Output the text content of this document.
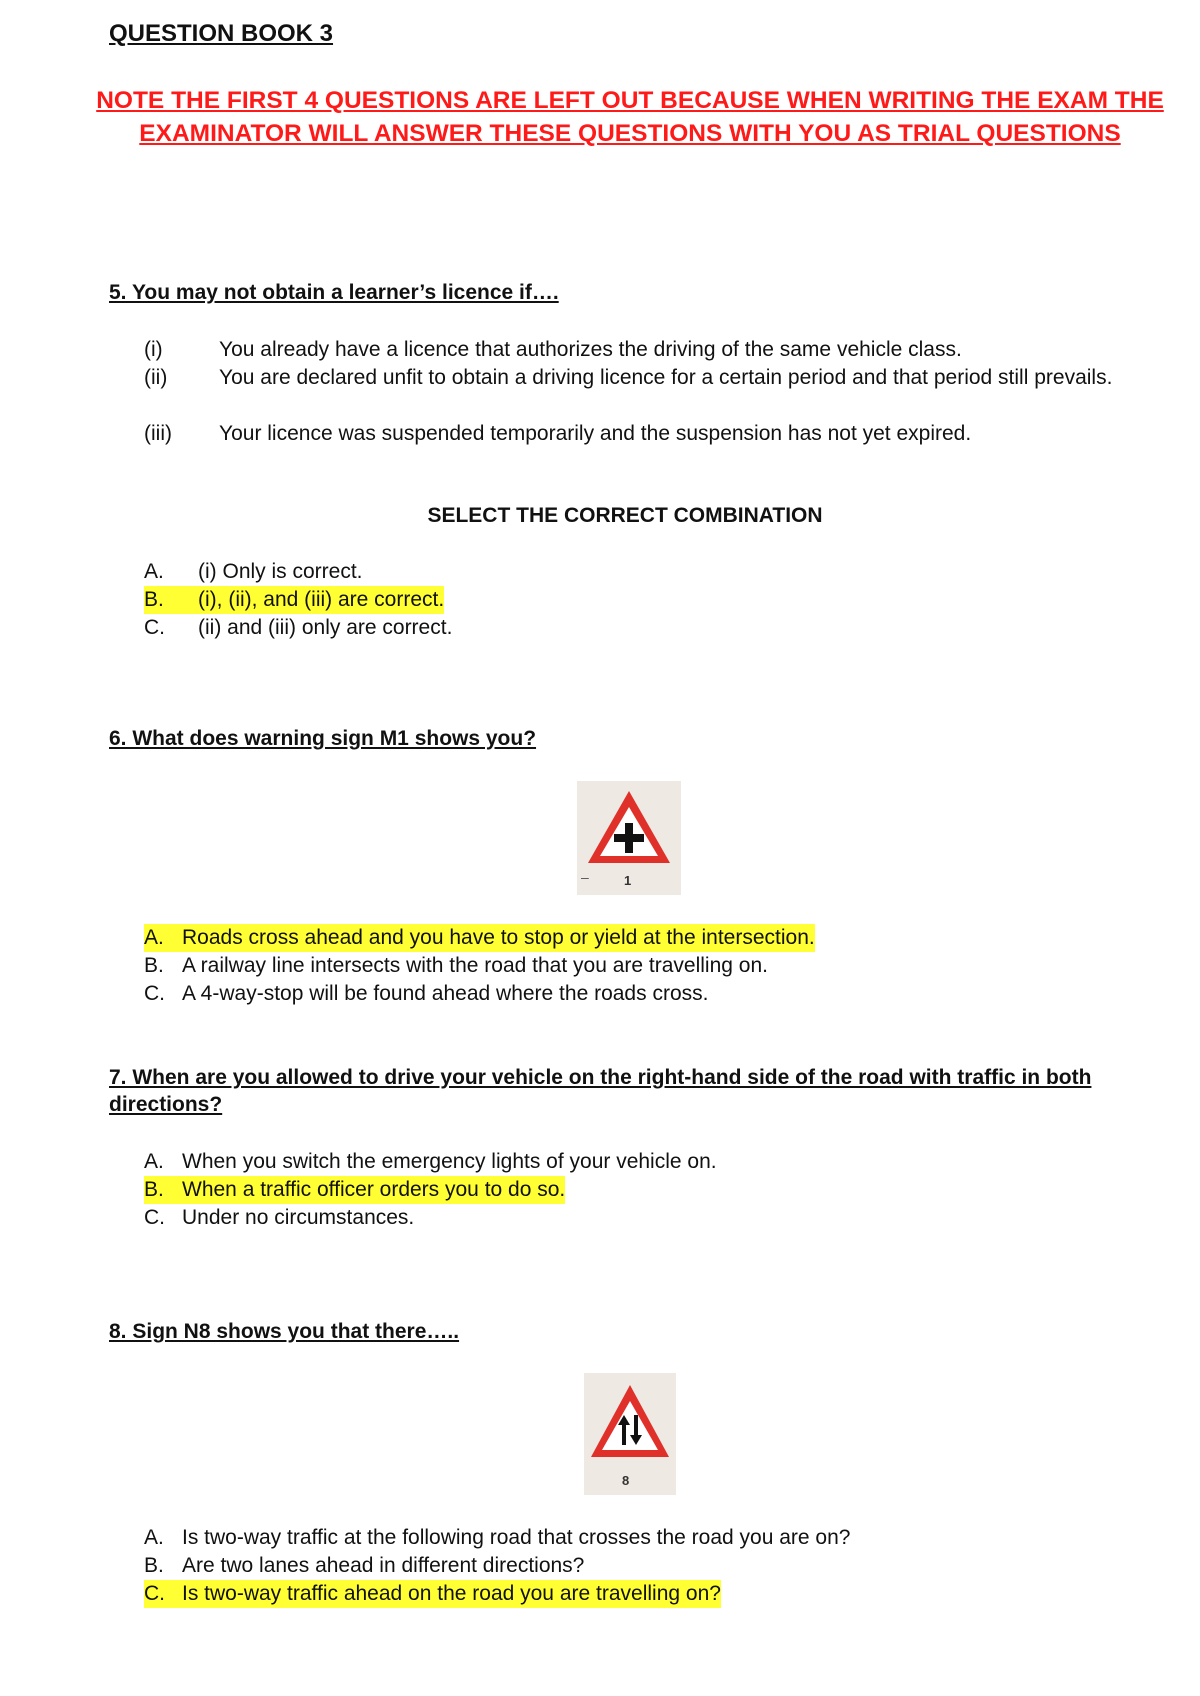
QUESTION BOOK 3
NOTE THE FIRST 4 QUESTIONS ARE LEFT OUT BECAUSE WHEN WRITING THE EXAM THE EXAMINATOR WILL ANSWER THESE QUESTIONS WITH YOU AS TRIAL QUESTIONS
5. You may not obtain a learner’s licence if….
(i)	You already have a licence that authorizes the driving of the same vehicle class.
(ii)	You are declared unfit to obtain a driving licence for a certain period and that period still prevails.
(iii)	Your licence was suspended temporarily and the suspension has not yet expired.
SELECT THE CORRECT COMBINATION
A.	(i) Only is correct.
B.	(i), (ii), and (iii) are correct.
C.	(ii) and (iii) only are correct.
6. What does warning sign M1 shows you?
–	1
A. Roads cross ahead and you have to stop or yield at the intersection.
B. A railway line intersects with the road that you are travelling on.
C. A 4-way-stop will be found ahead where the roads cross.
7. When are you allowed to drive your vehicle on the right-hand side of the road with traffic in both directions?
A. When you switch the emergency lights of your vehicle on.
B. When a traffic officer orders you to do so.
C. Under no circumstances.
8. Sign N8 shows you that there…..
8
A. Is two-way traffic at the following road that crosses the road you are on?
B. Are two lanes ahead in different directions?
C. Is two-way traffic ahead on the road you are travelling on?
